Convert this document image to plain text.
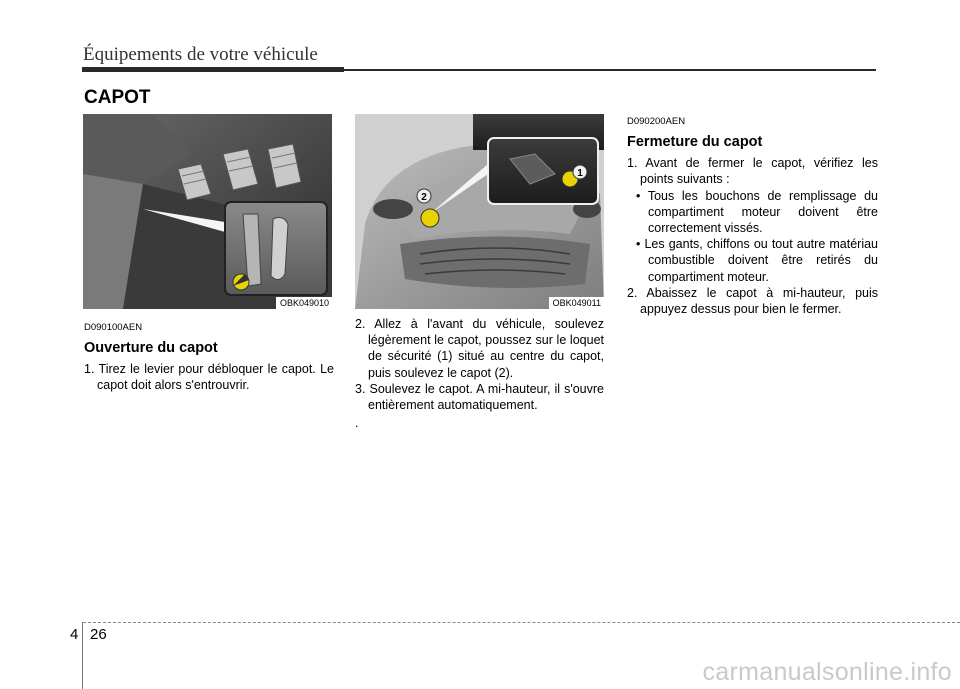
Équipements de votre véhicule
CAPOT
OBK049010
1
2
OBK049011
D090100AEN
Ouverture du capot
1. Tirez le levier pour débloquer le capot. Le capot doit alors s'entrouvrir.
2. Allez à l'avant du véhicule, soulevez légèrement le capot, poussez sur le loquet de sécurité (1) situé au centre du capot, puis soulevez le capot (2).
3. Soulevez le capot. A mi-hauteur, il s'ouvre entièrement automatiquement.
.
D090200AEN
Fermeture du capot
1. Avant de fermer le capot, vérifiez les points suivants :
• Tous les bouchons de remplissage du compartiment moteur doivent être correctement vissés.
• Les gants, chiffons ou tout autre matériau combustible doivent être retirés du compartiment moteur.
2. Abaissez le capot à mi-hauteur, puis appuyez dessus pour bien le fermer.
4 26
carmanualsonline.info
